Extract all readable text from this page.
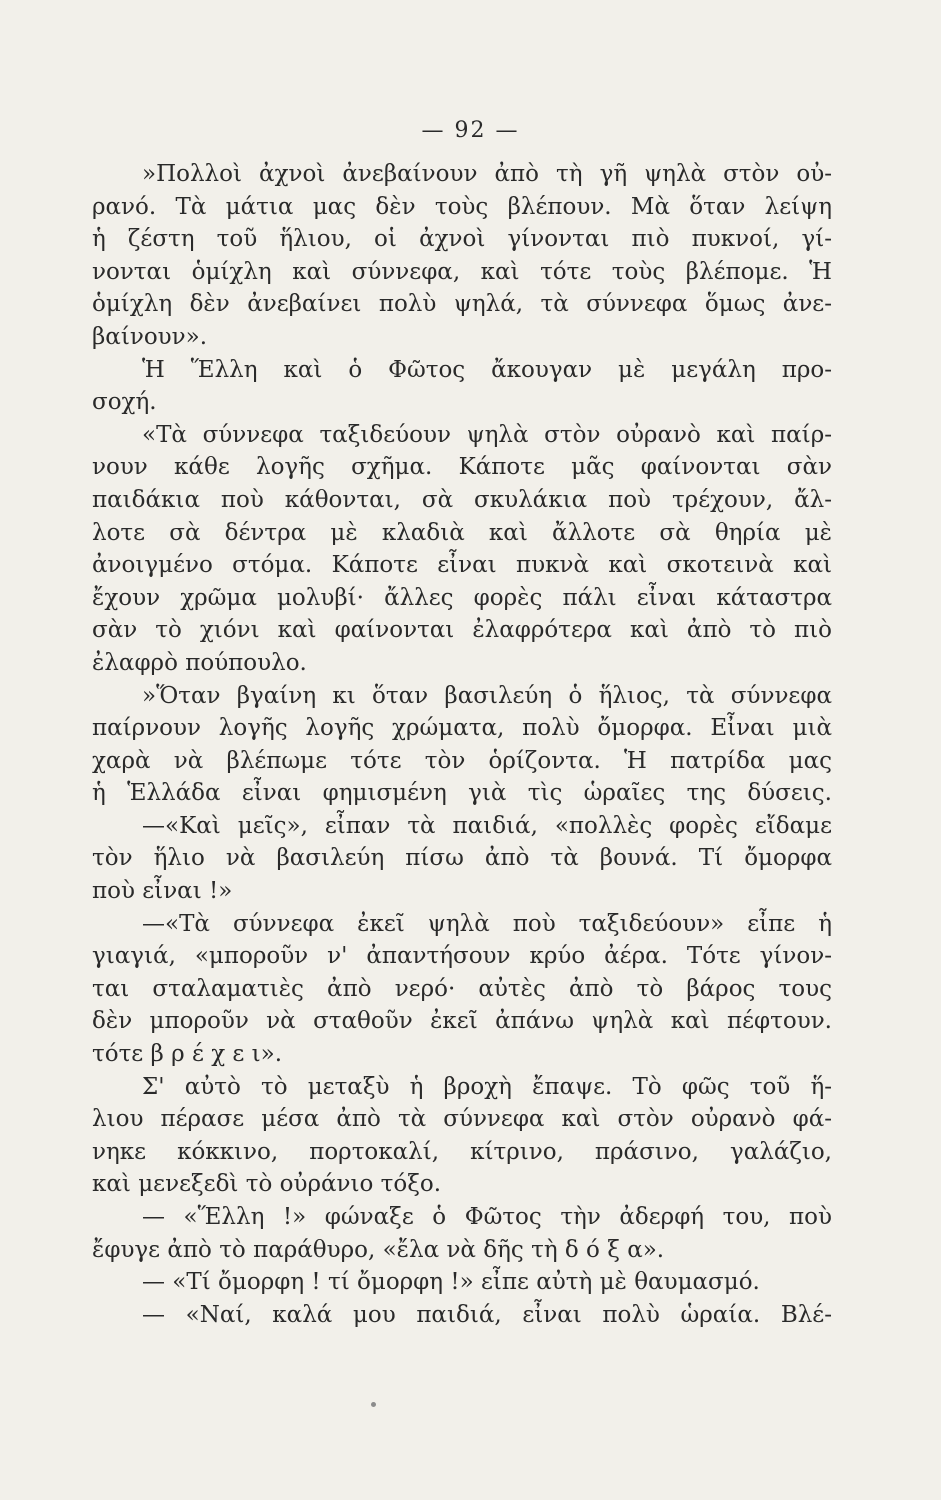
— 92 —
»Πολλοὶ ἀχνοὶ ἀνεβαίνουν ἀπὸ τὴ γῆ ψηλὰ στὸν οὐ-
ρανό. Τὰ μάτια μας δὲν τοὺς βλέπουν. Μὰ ὅταν λείψη
ἡ ζέστη τοῦ ἥλιου, οἱ ἀχνοὶ γίνονται πιὸ πυκνοί, γί-
νονται ὁμίχλη καὶ σύννεφα, καὶ τότε τοὺς βλέπομε. Ἡ
ὁμίχλη δὲν ἀνεβαίνει πολὺ ψηλά, τὰ σύννεφα ὅμως ἀνε-
βαίνουν».
Ἡ Ἕλλη καὶ ὁ Φῶτος ἄκουγαν μὲ μεγάλη προ-
σοχή.
«Τὰ σύννεφα ταξιδεύουν ψηλὰ στὸν οὐρανὸ καὶ παίρ-
νουν κάθε λογῆς σχῆμα. Κάποτε μᾶς φαίνονται σὰν
παιδάκια ποὺ κάθονται, σὰ σκυλάκια ποὺ τρέχουν, ἄλ-
λοτε σὰ δέντρα μὲ κλαδιὰ καὶ ἄλλοτε σὰ θηρία μὲ
ἀνοιγμένο στόμα. Κάποτε εἶναι πυκνὰ καὶ σκοτεινὰ καὶ
ἔχουν χρῶμα μολυβί· ἄλλες φορὲς πάλι εἶναι κάταστρα
σὰν τὸ χιόνι καὶ φαίνονται ἐλαφρότερα καὶ ἀπὸ τὸ πιὸ
ἐλαφρὸ πούπουλο.
»Ὅταν βγαίνη κι ὅταν βασιλεύη ὁ ἥλιος, τὰ σύννεφα
παίρνουν λογῆς λογῆς χρώματα, πολὺ ὄμορφα. Εἶναι μιὰ
χαρὰ νὰ βλέπωμε τότε τὸν ὁρίζοντα. Ἡ πατρίδα μας
ἡ Ἑλλάδα εἶναι φημισμένη γιὰ τὶς ὡραῖες της δύσεις.
—«Καὶ μεῖς», εἶπαν τὰ παιδιά, «πολλὲς φορὲς εἴδαμε
τὸν ἥλιο νὰ βασιλεύη πίσω ἀπὸ τὰ βουνά. Τί ὄμορφα
ποὺ εἶναι !»
—«Τὰ σύννεφα ἐκεῖ ψηλὰ ποὺ ταξιδεύουν» εἶπε ἡ
γιαγιά, «μποροῦν ν' ἀπαντήσουν κρύο ἀέρα. Τότε γίνον-
ται σταλαματιὲς ἀπὸ νερό· αὐτὲς ἀπὸ τὸ βάρος τους
δὲν μποροῦν νὰ σταθοῦν ἐκεῖ ἀπάνω ψηλὰ καὶ πέφτουν.
τότε β ρ έ χ ε ι».
Σ' αὐτὸ τὸ μεταξὺ ἡ βροχὴ ἔπαψε. Τὸ φῶς τοῦ ἥ-
λιου πέρασε μέσα ἀπὸ τὰ σύννεφα καὶ στὸν οὐρανὸ φά-
νηκε κόκκινο, πορτοκαλί, κίτρινο, πράσινο, γαλάζιο,
καὶ μενεξεδὶ τὸ οὐράνιο τόξο.
— «Ἕλλη !» φώναξε ὁ Φῶτος τὴν ἀδερφή του, ποὺ
ἔφυγε ἀπὸ τὸ παράθυρο, «ἔλα νὰ δῆς τὴ δ ό ξ α».
— «Τί ὄμορφη ! τί ὄμορφη !» εἶπε αὐτὴ μὲ θαυμασμό.
— «Ναί, καλά μου παιδιά, εἶναι πολὺ ὡραία. Βλέ-
